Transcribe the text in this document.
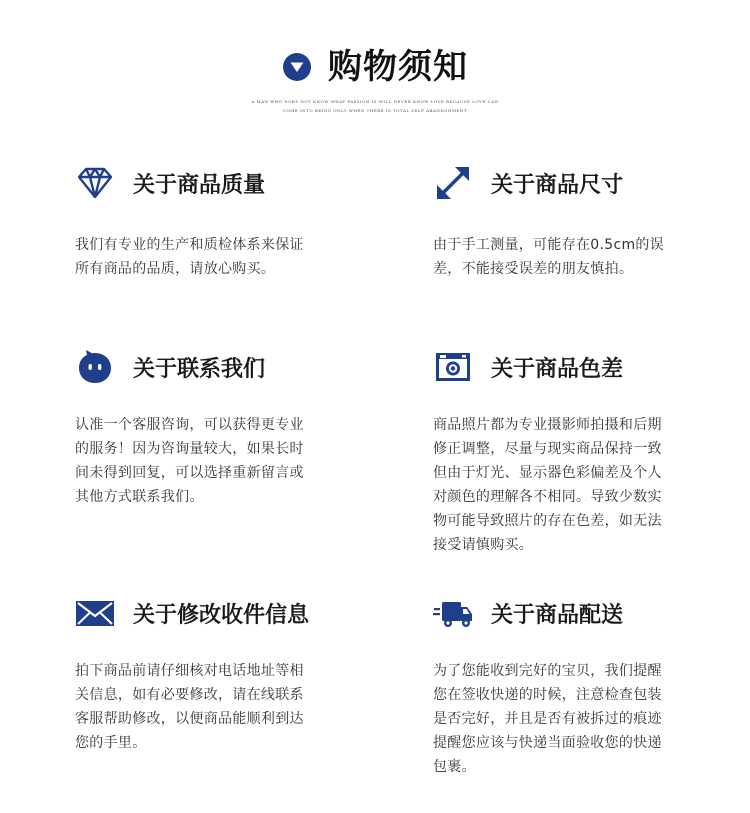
购物须知
A MAN WHO DOES NOT KNOW WHAT PASSION IS WILL NEVER KNOW LOVE BECAUSE LOVE CAN
COME INTO BEING ONLY WHEN THERE IS TOTAL SELF ABANDONMENT
关于商品质量
我们有专业的生产和质检体系来保证
所有商品的品质，请放心购买。
关于商品尺寸
由于手工测量，可能存在0.5cm的误
差，不能接受误差的朋友慎拍。
关于联系我们
认准一个客服咨询，可以获得更专业
的服务！因为咨询量较大，如果长时
间未得到回复，可以选择重新留言或
其他方式联系我们。
关于商品色差
商品照片都为专业摄影师拍摄和后期
修正调整，尽量与现实商品保持一致
但由于灯光、显示器色彩偏差及个人
对颜色的理解各不相同。导致少数实
物可能导致照片的存在色差，如无法
接受请慎购买。
关于修改收件信息
拍下商品前请仔细核对电话地址等相
关信息，如有必要修改，请在线联系
客服帮助修改，以便商品能顺利到达
您的手里。
关于商品配送
为了您能收到完好的宝贝，我们提醒
您在签收快递的时候，注意检查包装
是否完好，并且是否有被拆过的痕迹
提醒您应该与快递当面验收您的快递
包裹。
